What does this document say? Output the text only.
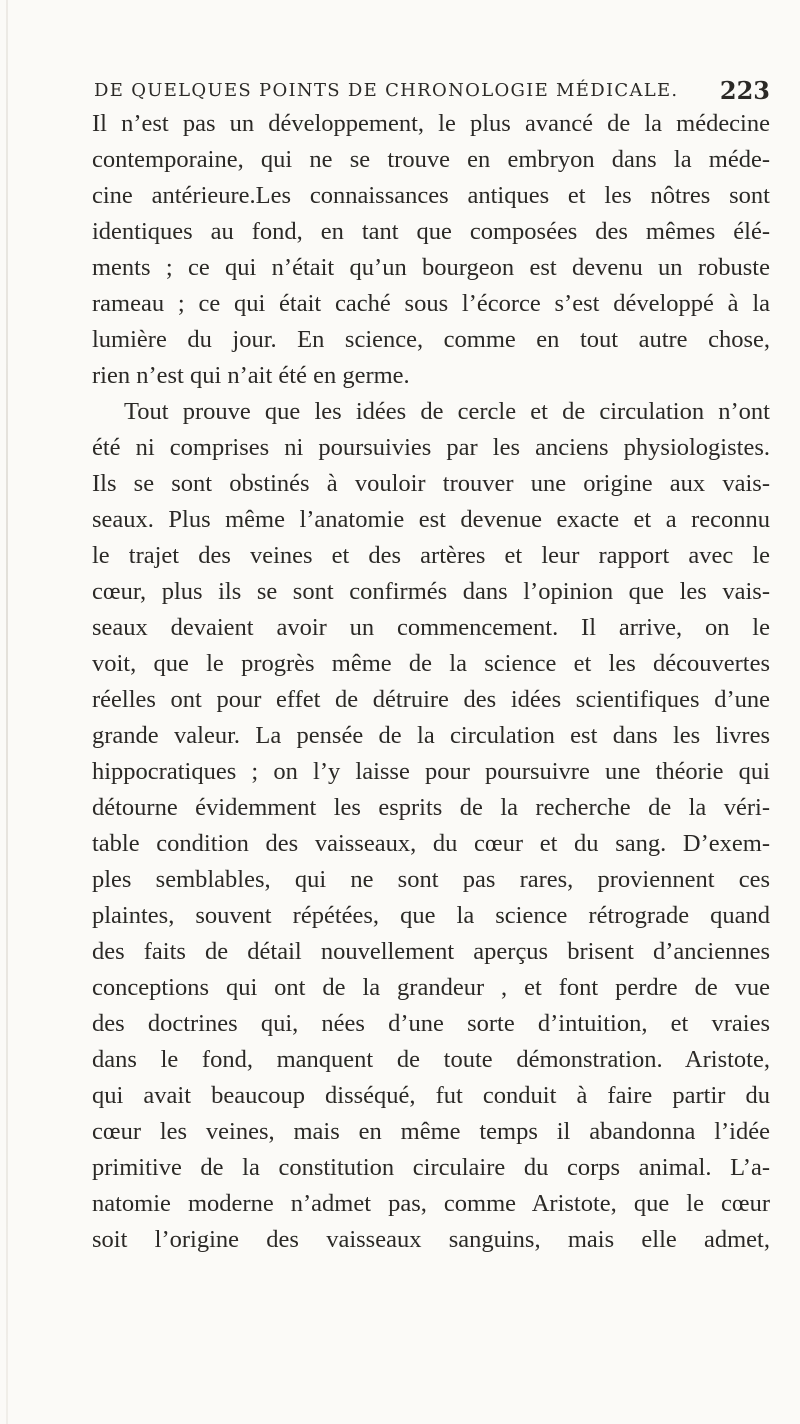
DE QUELQUES POINTS DE CHRONOLOGIE MÉDICALE. 223
Il n’est pas un développement, le plus avancé de la médecine
contemporaine, qui ne se trouve en embryon dans la méde-
cine antérieure.Les connaissances antiques et les nôtres sont
identiques au fond, en tant que composées des mêmes élé-
ments ; ce qui n’était qu’un bourgeon est devenu un robuste
rameau ; ce qui était caché sous l’écorce s’est développé à la
lumière du jour. En science, comme en tout autre chose,
rien n’est qui n’ait été en germe.
Tout prouve que les idées de cercle et de circulation n’ont
été ni comprises ni poursuivies par les anciens physiologistes.
Ils se sont obstinés à vouloir trouver une origine aux vais-
seaux. Plus même l’anatomie est devenue exacte et a reconnu
le trajet des veines et des artères et leur rapport avec le
cœur, plus ils se sont confirmés dans l’opinion que les vais-
seaux devaient avoir un commencement. Il arrive, on le
voit, que le progrès même de la science et les découvertes
réelles ont pour effet de détruire des idées scientifiques d’une
grande valeur. La pensée de la circulation est dans les livres
hippocratiques ; on l’y laisse pour poursuivre une théorie qui
détourne évidemment les esprits de la recherche de la véri-
table condition des vaisseaux, du cœur et du sang. D’exem-
ples semblables, qui ne sont pas rares, proviennent ces
plaintes, souvent répétées, que la science rétrograde quand
des faits de détail nouvellement aperçus brisent d’anciennes
conceptions qui ont de la grandeur , et font perdre de vue
des doctrines qui, nées d’une sorte d’intuition, et vraies
dans le fond, manquent de toute démonstration. Aristote,
qui avait beaucoup disséqué, fut conduit à faire partir du
cœur les veines, mais en même temps il abandonna l’idée
primitive de la constitution circulaire du corps animal. L’a-
natomie moderne n’admet pas, comme Aristote, que le cœur
soit l’origine des vaisseaux sanguins, mais elle admet,
